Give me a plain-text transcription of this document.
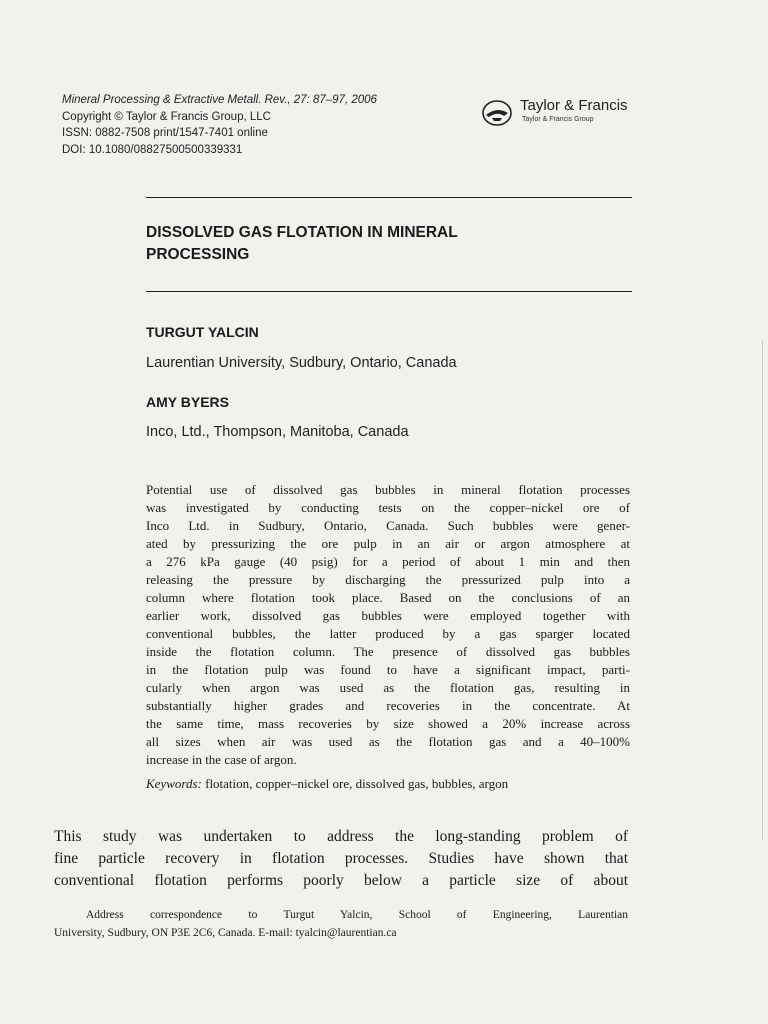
Mineral Processing & Extractive Metall. Rev., 27: 87–97, 2006
Copyright © Taylor & Francis Group, LLC
ISSN: 0882-7508 print/1547-7401 online
DOI: 10.1080/08827500500339331
Taylor & Francis
Taylor & Francis Group
DISSOLVED GAS FLOTATION IN MINERAL
PROCESSING
TURGUT YALCIN
Laurentian University, Sudbury, Ontario, Canada
AMY BYERS
Inco, Ltd., Thompson, Manitoba, Canada
Potential use of dissolved gas bubbles in mineral flotation processes
was investigated by conducting tests on the copper–nickel ore of
Inco Ltd. in Sudbury, Ontario, Canada. Such bubbles were gener-
ated by pressurizing the ore pulp in an air or argon atmosphere at
a 276 kPa gauge (40 psig) for a period of about 1 min and then
releasing the pressure by discharging the pressurized pulp into a
column where flotation took place. Based on the conclusions of an
earlier work, dissolved gas bubbles were employed together with
conventional bubbles, the latter produced by a gas sparger located
inside the flotation column. The presence of dissolved gas bubbles
in the flotation pulp was found to have a significant impact, parti-
cularly when argon was used as the flotation gas, resulting in
substantially higher grades and recoveries in the concentrate. At
the same time, mass recoveries by size showed a 20% increase across
all sizes when air was used as the flotation gas and a 40–100%
increase in the case of argon.
Keywords: flotation, copper–nickel ore, dissolved gas, bubbles, argon
This study was undertaken to address the long-standing problem of
fine particle recovery in flotation processes. Studies have shown that
conventional flotation performs poorly below a particle size of about
Address correspondence to Turgut Yalcin, School of Engineering, Laurentian
University, Sudbury, ON P3E 2C6, Canada. E-mail: tyalcin@laurentian.ca
